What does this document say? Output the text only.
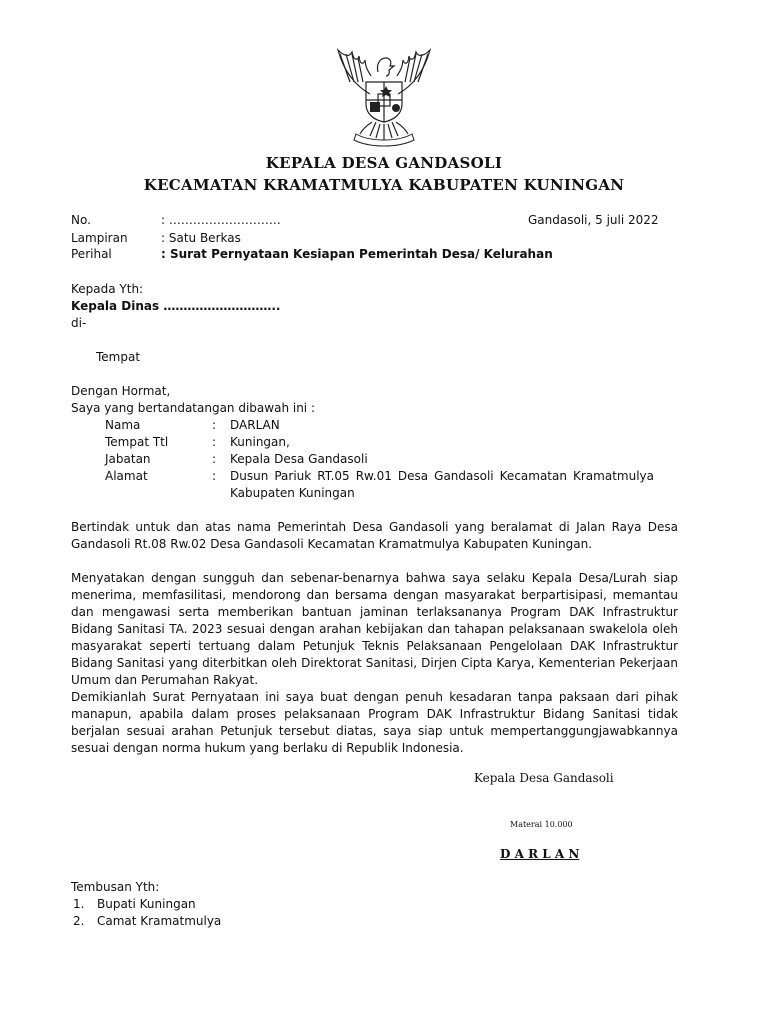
KEPALA DESA GANDASOLI
KECAMATAN KRAMATMULYA KABUPATEN KUNINGAN
No.	: ……………………….	Gandasoli, 5 juli 2022
Lampiran	: Satu Berkas
Perihal	: Surat Pernyataan Kesiapan Pemerintah Desa/ Kelurahan
Kepada Yth:
Kepala Dinas ………………………..
di-
Tempat
Dengan Hormat,
Saya yang bertandatangan dibawah ini :
Nama	: DARLAN
Tempat Ttl	: Kuningan,
Jabatan	: Kepala Desa Gandasoli
Alamat	: Dusun Pariuk RT.05 Rw.01 Desa Gandasoli Kecamatan Kramatmulya Kabupaten Kuningan
Bertindak untuk dan atas nama Pemerintah Desa Gandasoli yang beralamat di Jalan Raya Desa Gandasoli Rt.08 Rw.02 Desa Gandasoli Kecamatan Kramatmulya Kabupaten Kuningan.
Menyatakan dengan sungguh dan sebenar-benarnya bahwa saya selaku Kepala Desa/Lurah siap menerima, memfasilitasi, mendorong dan bersama dengan masyarakat berpartisipasi, memantau dan mengawasi serta memberikan bantuan jaminan terlaksananya Program DAK Infrastruktur Bidang Sanitasi TA. 2023 sesuai dengan arahan kebijakan dan tahapan pelaksanaan swakelola oleh masyarakat seperti tertuang dalam Petunjuk Teknis Pelaksanaan Pengelolaan DAK Infrastruktur Bidang Sanitasi yang diterbitkan oleh Direktorat Sanitasi, Dirjen Cipta Karya, Kementerian Pekerjaan Umum dan Perumahan Rakyat.
Demikianlah Surat Pernyataan ini saya buat dengan penuh kesadaran tanpa paksaan dari pihak manapun, apabila dalam proses pelaksanaan Program DAK Infrastruktur Bidang Sanitasi tidak berjalan sesuai arahan Petunjuk tersebut diatas, saya siap untuk mempertanggungjawabkannya sesuai dengan norma hukum yang berlaku di Republik Indonesia.
Kepala Desa Gandasoli
Materai 10.000
D A R L A N
Tembusan Yth:
1. Bupati Kuningan
2. Camat Kramatmulya
